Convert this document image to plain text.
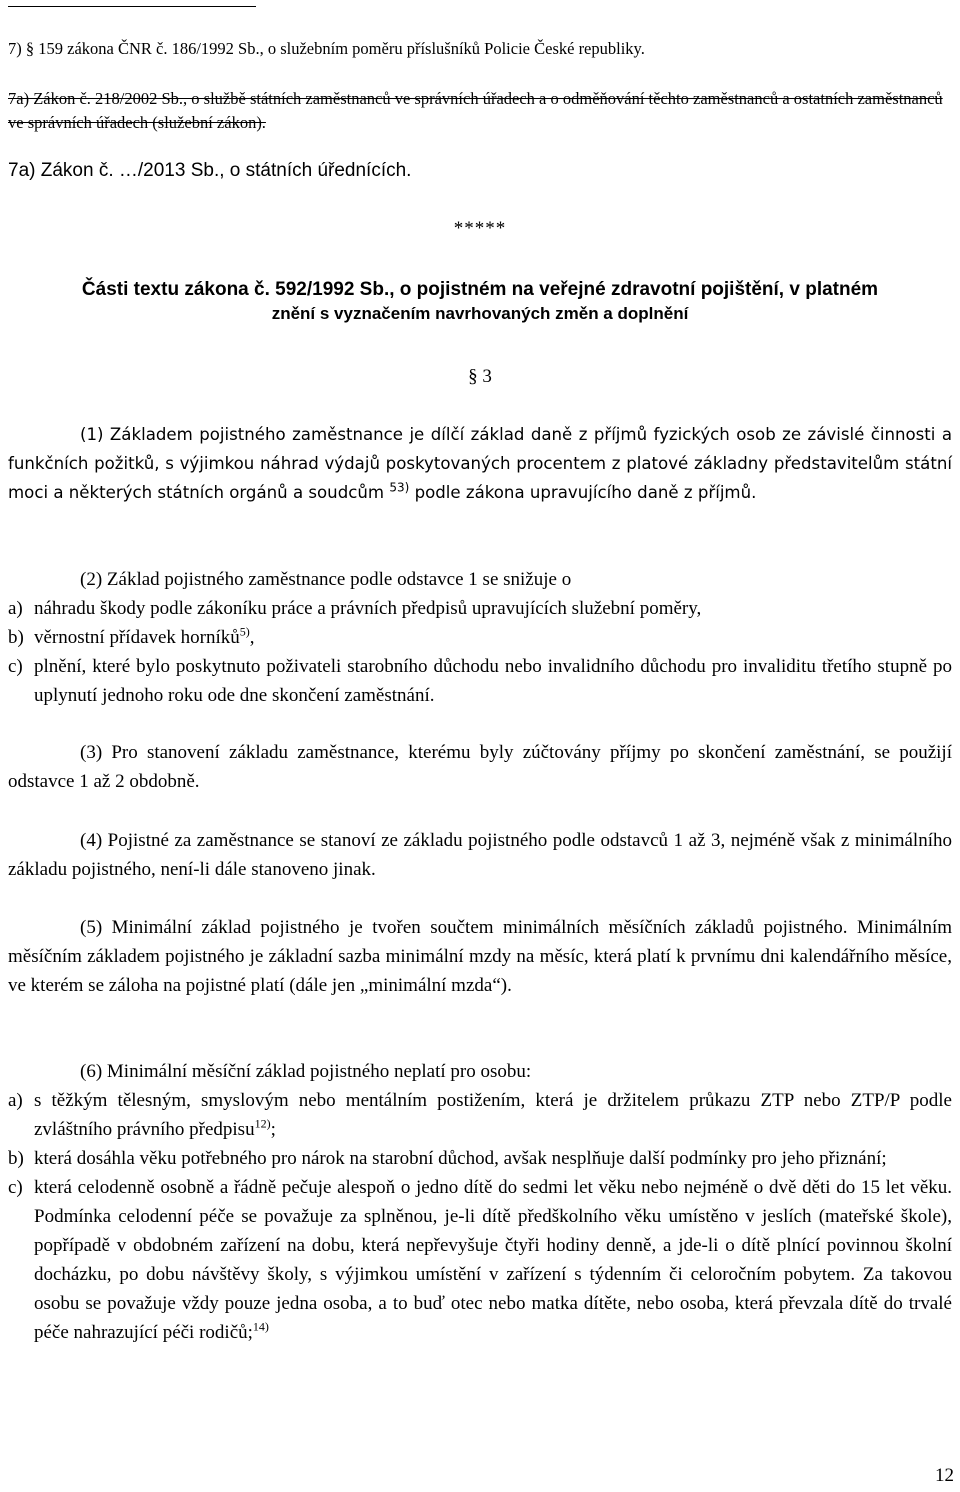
7) § 159 zákona ČNR č. 186/1992 Sb., o služebním poměru příslušníků Policie České republiky.
7a) Zákon č. 218/2002 Sb., o službě státních zaměstnanců ve správních úřadech a o odměňování těchto zaměstnanců a ostatních zaměstnanců ve správních úřadech (služební zákon).
7a) Zákon č. …/2013 Sb., o státních úřednících.
*****
Části textu zákona č. 592/1992 Sb., o pojistném na veřejné zdravotní pojištění, v platném
znění s vyznačením navrhovaných změn a doplnění
§ 3
(1) Základem pojistného zaměstnance je dílčí základ daně z příjmů fyzických osob ze závislé činnosti a funkčních požitků, s výjimkou náhrad výdajů poskytovaných procentem z platové základny představitelům státní moci a některých státních orgánů a soudcům $^{53)}$ podle zákona upravujícího daně z příjmů.
(2) Základ pojistného zaměstnance podle odstavce 1 se snižuje o
a) náhradu škody podle zákoníku práce a právních předpisů upravujících služební poměry,
b) věrnostní přídavek horníků$^{5)}$,
c) plnění, které bylo poskytnuto poživateli starobního důchodu nebo invalidního důchodu pro invaliditu třetího stupně po uplynutí jednoho roku ode dne skončení zaměstnání.
(3) Pro stanovení základu zaměstnance, kterému byly zúčtovány příjmy po skončení zaměstnání, se použijí odstavce 1 až 2 obdobně.
(4) Pojistné za zaměstnance se stanoví ze základu pojistného podle odstavců 1 až 3, nejméně však z minimálního základu pojistného, není-li dále stanoveno jinak.
(5) Minimální základ pojistného je tvořen součtem minimálních měsíčních základů pojistného. Minimálním měsíčním základem pojistného je základní sazba minimální mzdy na měsíc, která platí k prvnímu dni kalendářního měsíce, ve kterém se záloha na pojistné platí (dále jen „minimální mzda“).
(6) Minimální měsíční základ pojistného neplatí pro osobu:
a) s těžkým tělesným, smyslovým nebo mentálním postižením, která je držitelem průkazu ZTP nebo ZTP/P podle zvláštního právního předpisu$^{12)}$;
b) která dosáhla věku potřebného pro nárok na starobní důchod, avšak nesplňuje další podmínky pro jeho přiznání;
c) která celodenně osobně a řádně pečuje alespoň o jedno dítě do sedmi let věku nebo nejméně o dvě děti do 15 let věku. Podmínka celodenní péče se považuje za splněnou, je-li dítě předškolního věku umístěno v jeslích (mateřské škole), popřípadě v obdobném zařízení na dobu, která nepřevyšuje čtyři hodiny denně, a jde-li o dítě plnící povinnou školní docházku, po dobu návštěvy školy, s výjimkou umístění v zařízení s týdenním či celoročním pobytem. Za takovou osobu se považuje vždy pouze jedna osoba, a to buď otec nebo matka dítěte, nebo osoba, která převzala dítě do trvalé péče nahrazující péči rodičů;$^{14)}$
12
